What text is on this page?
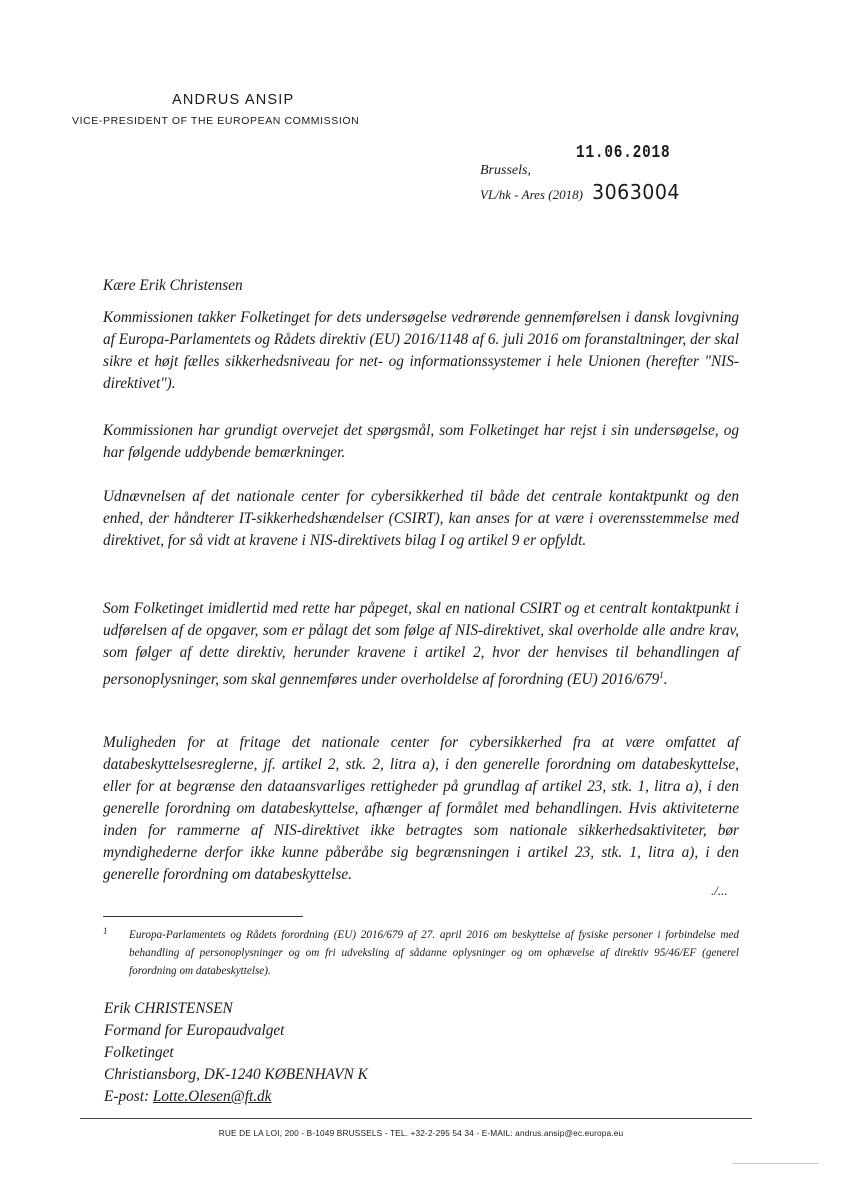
ANDRUS ANSIP
VICE-PRESIDENT OF THE EUROPEAN COMMISSION
11.06.2018
Brussels,
VL/hk - Ares (2018) 3063004

Kære Erik Christensen

Kommissionen takker Folketinget for dets undersøgelse vedrørende gennemførelsen i dansk lovgivning af Europa-Parlamentets og Rådets direktiv (EU) 2016/1148 af 6. juli 2016 om foranstaltninger, der skal sikre et højt fælles sikkerhedsniveau for net- og informationssystemer i hele Unionen (herefter "NIS-direktivet").

Kommissionen har grundigt overvejet det spørgsmål, som Folketinget har rejst i sin undersøgelse, og har følgende uddybende bemærkninger.

Udnævnelsen af det nationale center for cybersikkerhed til både det centrale kontaktpunkt og den enhed, der håndterer IT-sikkerhedshændelser (CSIRT), kan anses for at være i overensstemmelse med direktivet, for så vidt at kravene i NIS-direktivets bilag I og artikel 9 er opfyldt.

Som Folketinget imidlertid med rette har påpeget, skal en national CSIRT og et centralt kontaktpunkt i udførelsen af de opgaver, som er pålagt det som følge af NIS-direktivet, skal overholde alle andre krav, som følger af dette direktiv, herunder kravene i artikel 2, hvor der henvises til behandlingen af personoplysninger, som skal gennemføres under overholdelse af forordning (EU) $2016/679^1$.

Muligheden for at fritage det nationale center for cybersikkerhed fra at være omfattet af databeskyttelsesreglerne, jf. artikel 2, stk. 2, litra a), i den generelle forordning om databeskyttelse, eller for at begrænse den dataansvarliges rettigheder på grundlag af artikel 23, stk. 1, litra a), i den generelle forordning om databeskyttelse, afhænger af formålet med behandlingen. Hvis aktiviteterne inden for rammerne af NIS-direktivet ikke betragtes som nationale sikkerhedsaktiviteter, bør myndighederne derfor ikke kunne påberåbe sig begrænsningen i artikel 23, stk. 1, litra a), i den generelle forordning om databeskyttelse.

./...
1 Europa-Parlamentets og Rådets forordning (EU) 2016/679 af 27. april 2016 om beskyttelse af fysiske personer i forbindelse med behandling af personoplysninger og om fri udveksling af sådanne oplysninger og om ophævelse af direktiv 95/46/EF (generel forordning om databeskyttelse).

Erik CHRISTENSEN
Formand for Europaudvalget
Folketinget
Christiansborg, DK-1240 KØBENHAVN K
E-post: Lotte.Olesen@ft.dk
RUE DE LA LOI, 200 - B-1049 BRUSSELS - TEL. +32-2-295 54 34 - E-MAIL: andrus.ansip@ec.europa.eu
